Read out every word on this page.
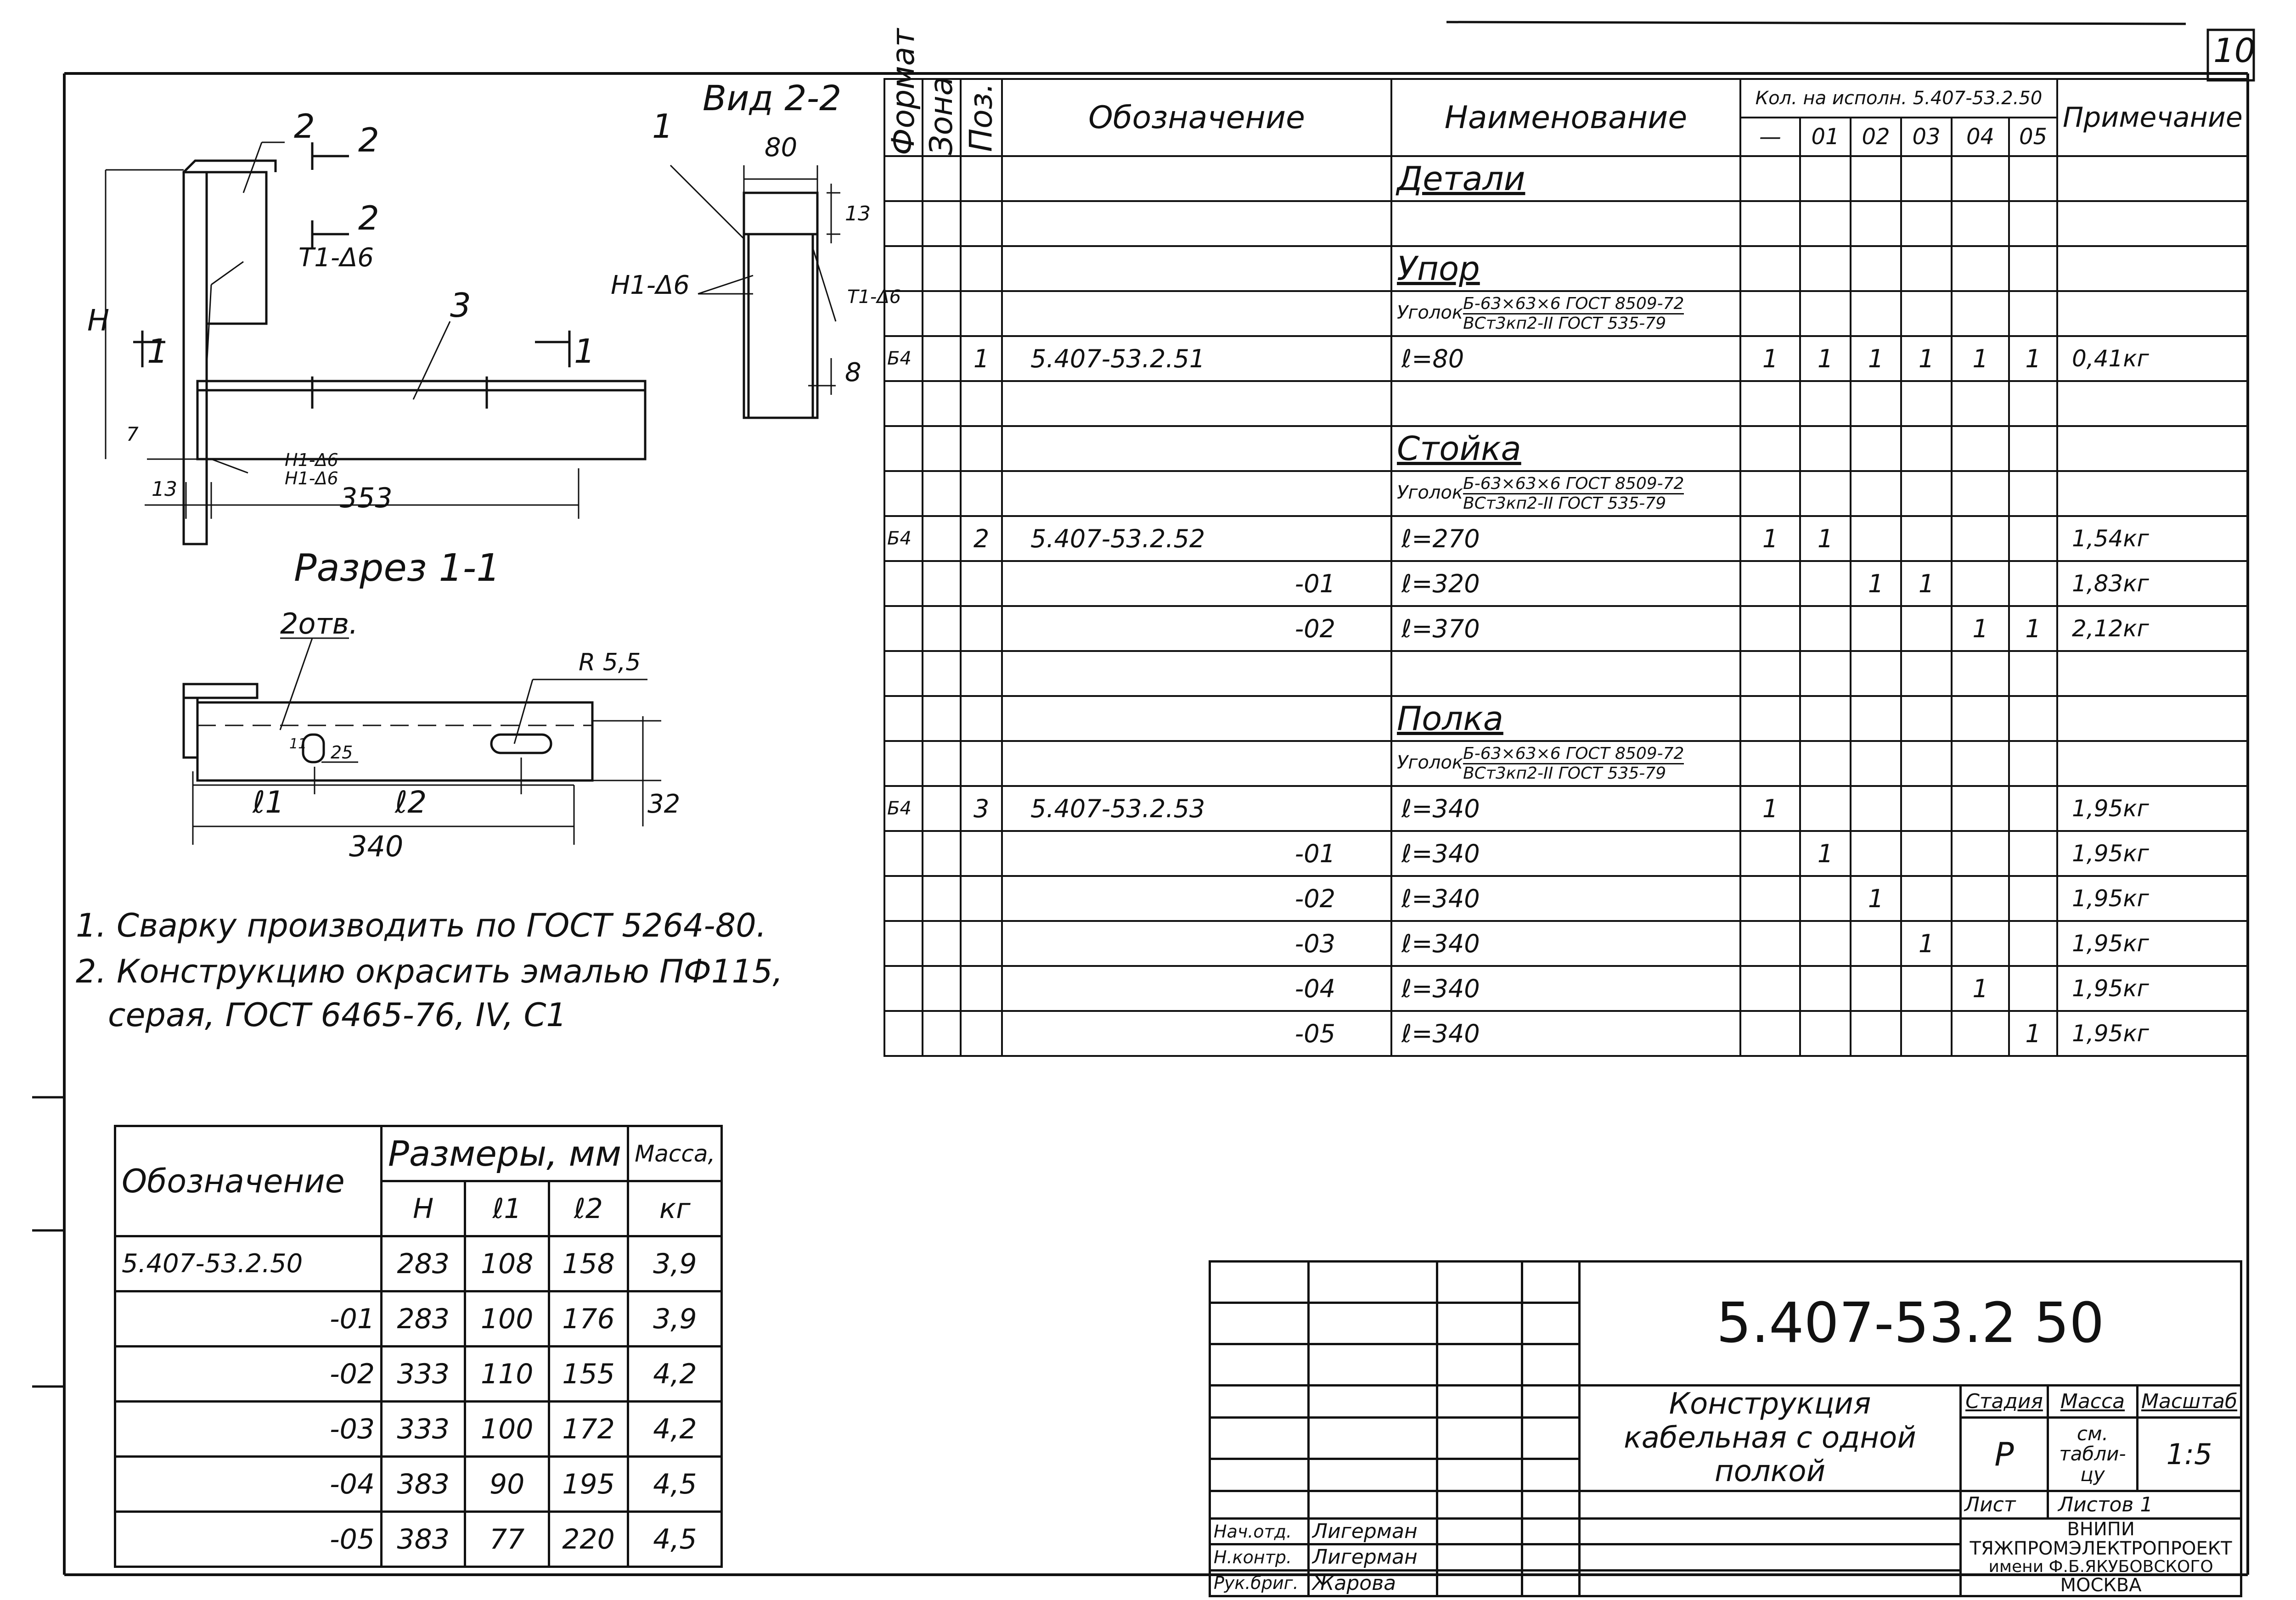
10
2
3
2
2
1	1
Т1-Δ6
Н1-Δ6
Н1-Δ6
H
7
13	353
Вид 2-2
1
80
13
8
Н1-Δ6	Т1-Δ6
Разрез 1-1
2отв.
R 5,5
11 25
ℓ1	ℓ2
340
32
1. Сварку производить по ГОСТ 5264-80.
2. Конструкцию окрасить эмалью ПФ115,
серая, ГОСТ 6465-76, IV, С1
Формат	Зона	Поз.	Обозначение	Наименование	Кол. на исполн. 5.407-53.2.50						Примечание
					—	01	02	03	04	05	
				Детали							

				Упор							
				Уголок $\frac{\text{Б-63×63×6 ГОСТ 8509-72}}{\text{ВСт3кп2-II ГОСТ 535-79}}$

Б4		1	5.407-53.2.51	ℓ=80	1	1	1	1	1	1	0,41кг

				Стойка							
				Уголок $\frac{\text{Б-63×63×6 ГОСТ 8509-72}}{\text{ВСт3кп2-II ГОСТ 535-79}}$

Б4		2	5.407-53.2.52	ℓ=270	1	1					1,54кг
			-01	ℓ=320			1	1			1,83кг
			-02	ℓ=370					1	1	2,12кг

				Полка							
				Уголок $\frac{\text{Б-63×63×6 ГОСТ 8509-72}}{\text{ВСт3кп2-II ГОСТ 535-79}}$

Б4		3	5.407-53.2.53	ℓ=340	1						1,95кг
			-01	ℓ=340		1					1,95кг
			-02	ℓ=340			1				1,95кг
			-03	ℓ=340				1			1,95кг
			-04	ℓ=340					1		1,95кг
			-05	ℓ=340						1	1,95кг
Обозначение	Размеры, мм			Масса,
	H	ℓ1	ℓ2	кг
5.407-53.2.50	283	108	158	3,9
-01	283	100	176	3,9
-02	333	110	155	4,2
-03	333	100	172	4,2
-04	383	90	195	4,5
-05	383	77	220	4,5
				5.407-53.2 50			

				Конструкция
кабельная с одной
полкой	Стадия	Масса	Масштаб
					Р	см.
табли-
цу	1:5

					Лист	Листов 1	
Нач.отд.	Лигерман				ВНИПИ
ТЯЖПРОМЭЛЕКТРОПРОЕКТ
имени Ф.Б.ЯКУБОВСКОГО
МОСКВА		

Н.контр.	Лигерман						
Рук.бриг.	Жарова						
